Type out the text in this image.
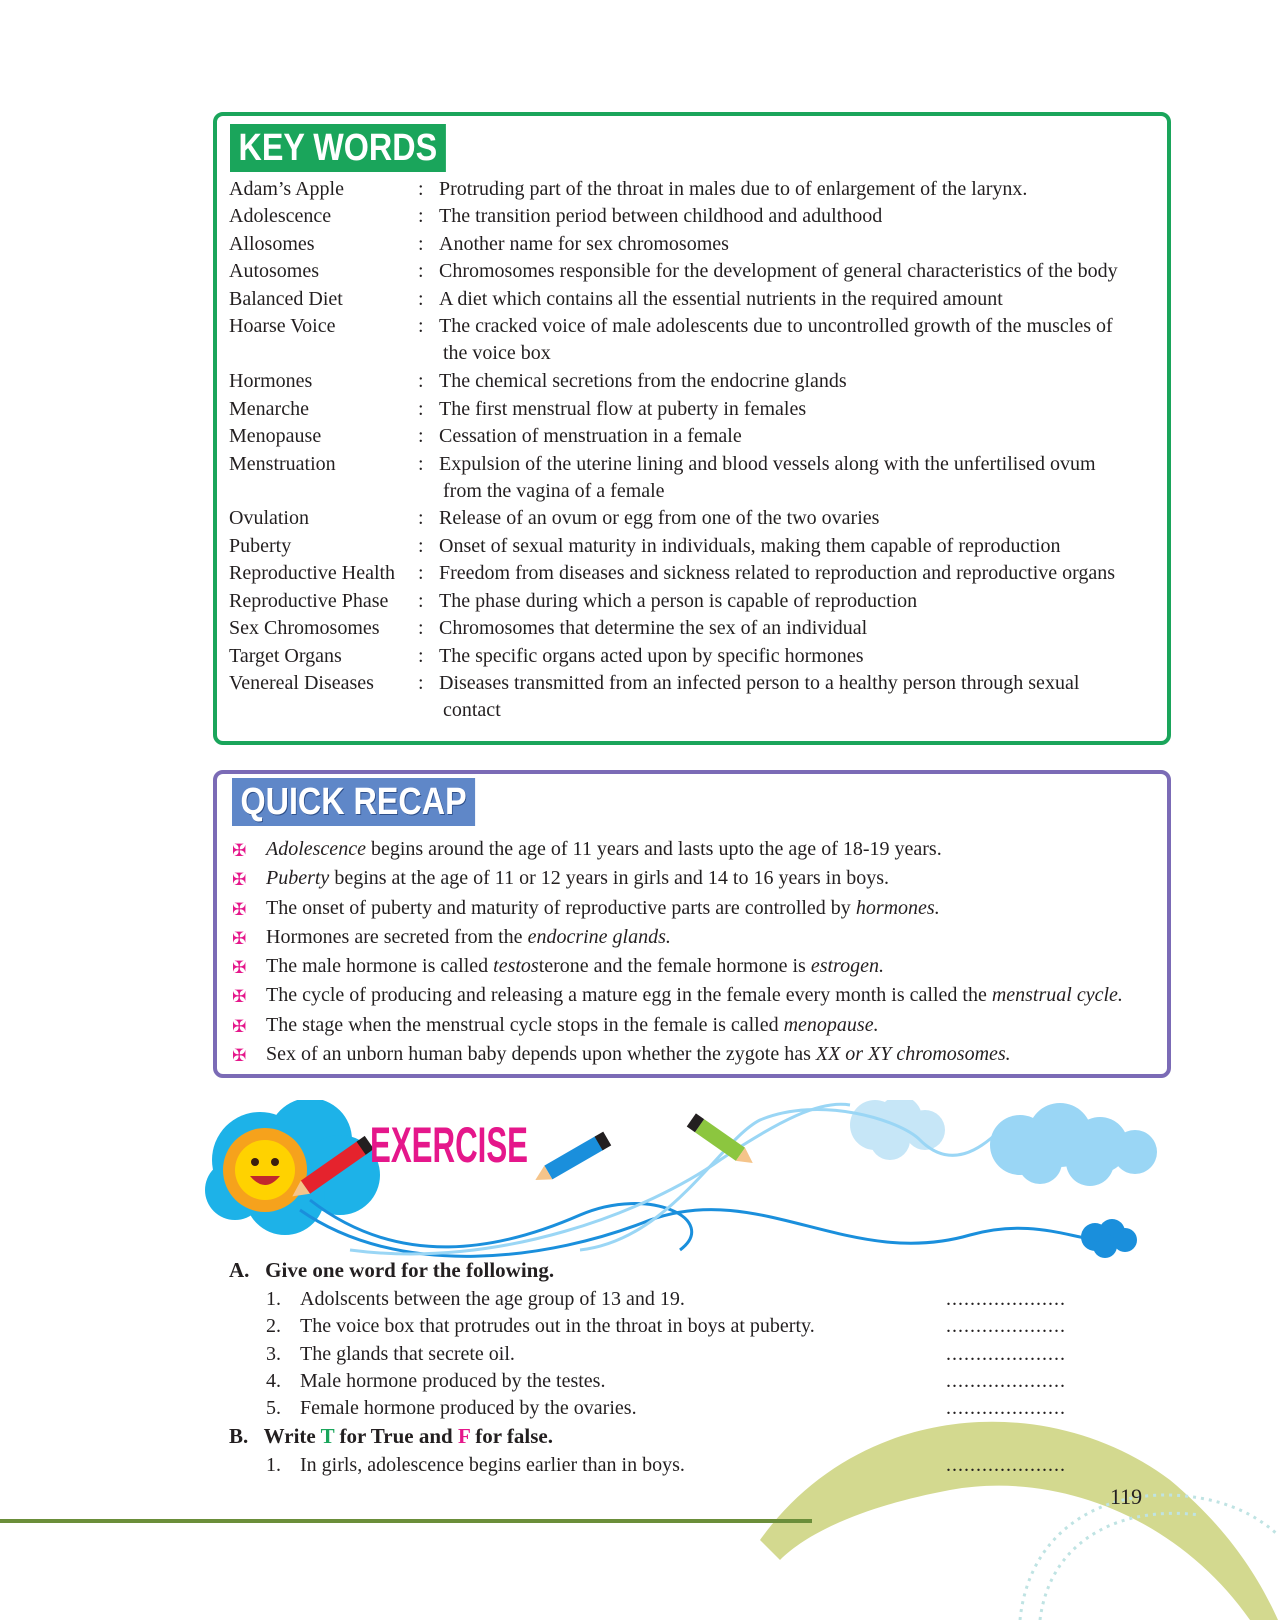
KEY WORDS
Adam’s Apple	: Protruding part of the throat in males due to of enlargement of the larynx.
Adolescence	: The transition period between childhood and adulthood
Allosomes	: Another name for sex chromosomes
Autosomes	: Chromosomes responsible for the development of general characteristics of the body
Balanced Diet	: A diet which contains all the essential nutrients in the required amount
Hoarse Voice	: The cracked voice of male adolescents due to uncontrolled growth of the muscles of
the voice box
Hormones	: The chemical secretions from the endocrine glands
Menarche	: The first menstrual flow at puberty in females
Menopause	: Cessation of menstruation in a female
Menstruation	: Expulsion of the uterine lining and blood vessels along with the unfertilised ovum
from the vagina of a female
Ovulation	: Release of an ovum or egg from one of the two ovaries
Puberty	: Onset of sexual maturity in individuals, making them capable of reproduction
Reproductive Health : Freedom from diseases and sickness related to reproduction and reproductive organs
Reproductive Phase : The phase during which a person is capable of reproduction
Sex Chromosomes : Chromosomes that determine the sex of an individual
Target Organs	: The specific organs acted upon by specific hormones
Venereal Diseases : Diseases transmitted from an infected person to a healthy person through sexual
contact
QUICK RECAP
✠ Adolescence begins around the age of 11 years and lasts upto the age of 18-19 years.
✠ Puberty begins at the age of 11 or 12 years in girls and 14 to 16 years in boys.
✠ The onset of puberty and maturity of reproductive parts are controlled by hormones.
✠ Hormones are secreted from the endocrine glands.
✠ The male hormone is called testosterone and the female hormone is estrogen.
✠ The cycle of producing and releasing a mature egg in the female every month is called the menstrual cycle.
✠ The stage when the menstrual cycle stops in the female is called menopause.
✠ Sex of an unborn human baby depends upon whether the zygote has XX or XY chromosomes.
EXERCISE
A. Give one word for the following.
1. Adolscents between the age group of 13 and 19.	....................
2. The voice box that protrudes out in the throat in boys at puberty.	....................
3. The glands that secrete oil.	....................
4. Male hormone produced by the testes.	....................
5. Female hormone produced by the ovaries.	....................
B. Write T for True and F for false.
1. In girls, adolescence begins earlier than in boys.	....................
119
